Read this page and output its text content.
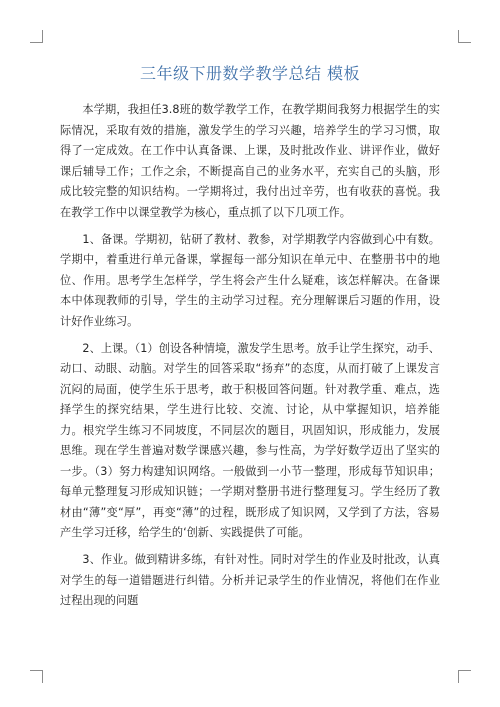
三年级下册数学教学总结 模板

本学期，我担任3.8班的数学教学工作，在教学期间我努力根据学生的实际情况，采取有效的措施，激发学生的学习兴趣，培养学生的学习习惯，取得了一定成效。在工作中认真备课、上课，及时批改作业、讲评作业，做好课后辅导工作；工作之余，不断提高自己的业务水平，充实自己的头脑，形成比较完整的知识结构。一学期将过，我付出过辛劳，也有收获的喜悦。我在教学工作中以课堂教学为核心，重点抓了以下几项工作。

1、备课。学期初，钻研了教材、教参，对学期教学内容做到心中有数。学期中，着重进行单元备课，掌握每一部分知识在单元中、在整册书中的地位、作用。思考学生怎样学，学生将会产生什么疑难，该怎样解决。在备课本中体现教师的引导，学生的主动学习过程。充分理解课后习题的作用，设计好作业练习。

2、上课。（1）创设各种情境，激发学生思考。放手让学生探究，动手、动口、动眼、动脑。对学生的回答采取“扬弃”的态度，从而打破了上课发言沉闷的局面，使学生乐于思考，敢于积极回答问题。针对教学重、难点，选择学生的探究结果，学生进行比较、交流、讨论，从中掌握知识，培养能力。根究学生练习不同坡度，不同层次的题目，巩固知识，形成能力，发展思维。现在学生普遍对数学课感兴趣，参与性高，为学好数学迈出了坚实的一步。（3）努力构建知识网络。一般做到一小节一整理，形成每节知识串；每单元整理复习形成知识链；一学期对整册书进行整理复习。学生经历了教材由“薄”变“厚”，再变“薄”的过程，既形成了知识网，又学到了方法，容易产生学习迁移，给学生的‘创新、实践提供了可能。

3、作业。做到精讲多练，有针对性。同时对学生的作业及时批改，认真对学生的每一道错题进行纠错。分析并记录学生的作业情况，将他们在作业过程出现的问题
